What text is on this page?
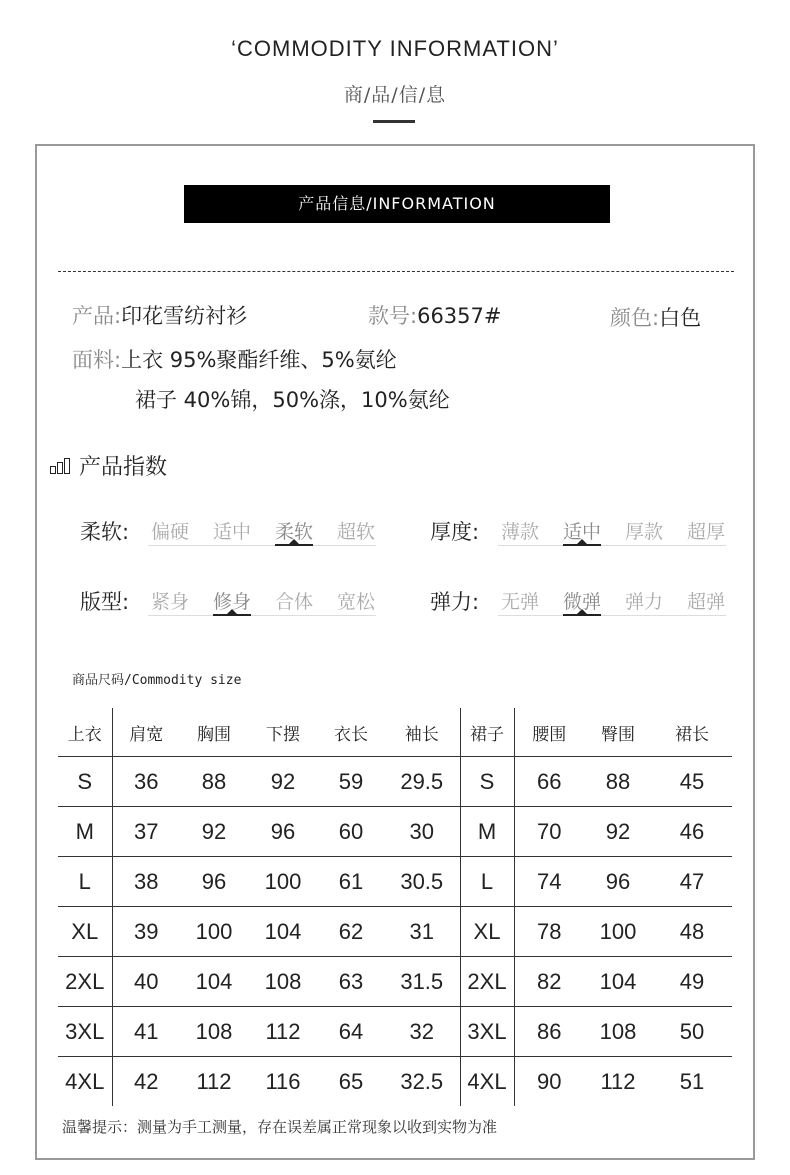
‘COMMODITY INFORMATION’
商/品/信/息
产品信息/INFORMATION
产品:印花雪纺衬衫	款号:66357#	颜色:白色
面料:上衣 95%聚酯纤维、5%氨纶
裙子 40%锦，50%涤，10%氨纶
产品指数
柔软: 偏硬 适中 柔软 超软	厚度: 薄款 适中 厚款 超厚
版型: 紧身 修身 合体 宽松	弹力: 无弹 微弹 弹力 超弹
商品尺码/Commodity size
上衣	肩宽	胸围	下摆	衣长	袖长	裙子	腰围	臀围	裙长
S	36	88	92	59	29.5	S	66	88	45
M	37	92	96	60	30	M	70	92	46
L	38	96	100	61	30.5	L	74	96	47
XL	39	100	104	62	31	XL	78	100	48
2XL	40	104	108	63	31.5	2XL	82	104	49
3XL	41	108	112	64	32	3XL	86	108	50
4XL	42	112	116	65	32.5	4XL	90	112	51
温馨提示：测量为手工测量，存在误差属正常现象以收到实物为准
